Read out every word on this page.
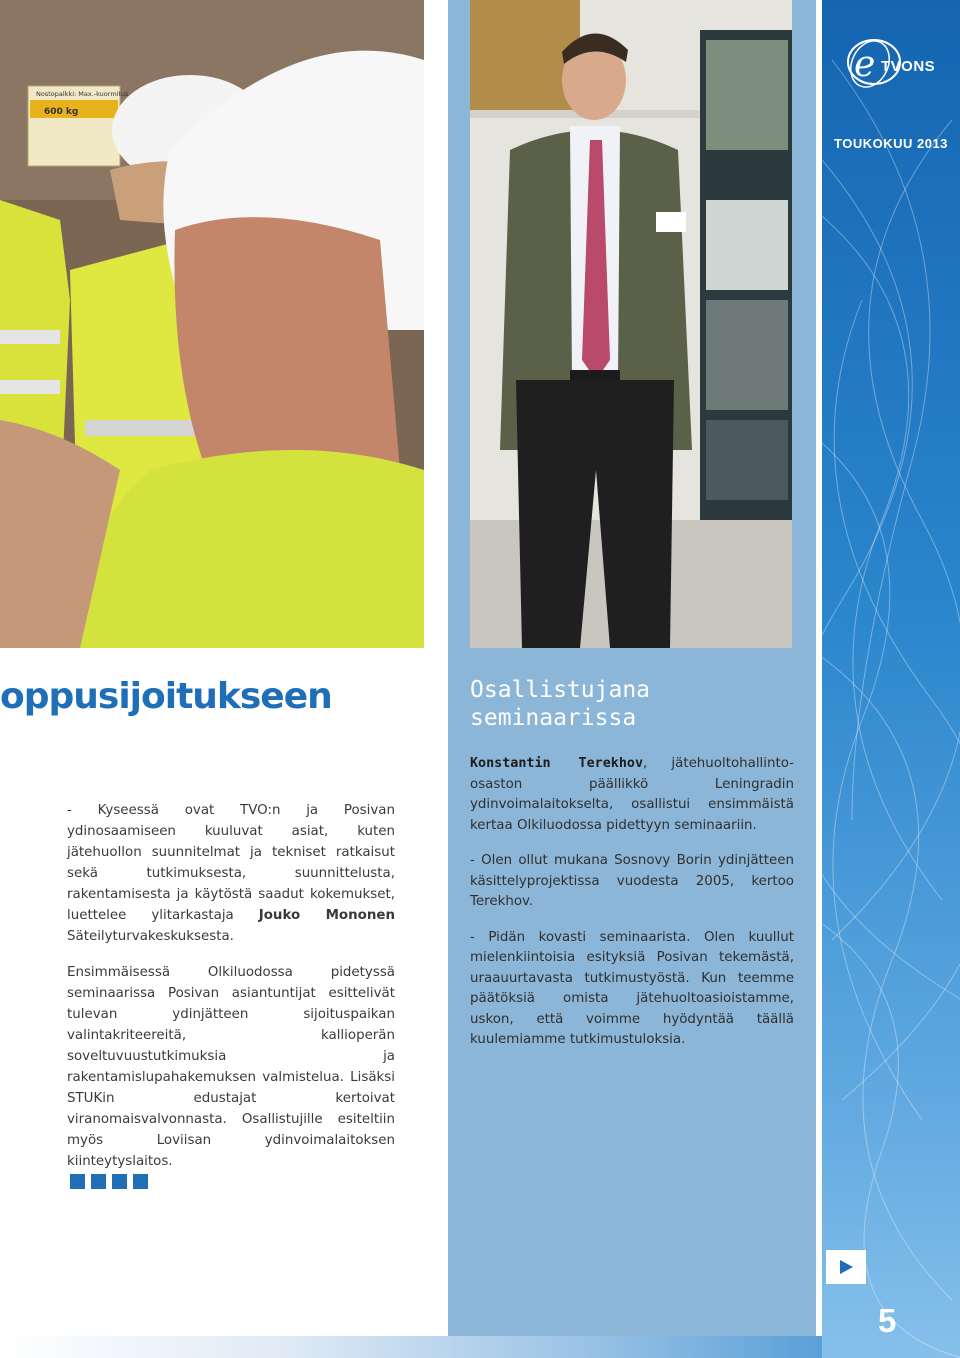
Nostopalkki: Max.-kuormitus.
600 kg
e TVONS
TOUKOKUU 2013
oppusijoitukseen

- Kyseessä ovat TVO:n ja Posivan ydinosaamiseen kuuluvat asiat, kuten jätehuollon suunnitelmat ja tekniset ratkaisut sekä tutkimuksesta, suunnittelusta, rakentamisesta ja käytöstä saadut kokemukset, luettelee ylitarkastaja Jouko Mononen Säteilyturvakeskuksesta.

Ensimmäisessä Olkiluodossa pidetyssä seminaarissa Posivan asiantuntijat esittelivät tulevan ydinjätteen sijoituspaikan valintakriteereitä, kallioperän soveltuvuustutkimuksia ja rakentamislupahakemuksen valmistelua. Lisäksi STUKin edustajat kertoivat viranomaisvalvonnasta. Osallistujille esiteltiin myös Loviisan ydinvoimalaitoksen kiinteytyslaitos.

Osallistujana
seminaarissa

Konstantin Terekhov, jätehuoltohallinto-osaston päällikkö Leningradin ydinvoimalaitokselta, osallistui ensimmäistä kertaa Olkiluodossa pidettyyn seminaariin.

- Olen ollut mukana Sosnovy Borin ydinjätteen käsittelyprojektissa vuodesta 2005, kertoo Terekhov.

- Pidän kovasti seminaarista. Olen kuullut mielenkiintoisia esityksiä Posivan tekemästä, uraauurtavasta tutkimustyöstä. Kun teemme päätöksiä omista jätehuoltoasioistamme, uskon, että voimme hyödyntää täällä kuulemiamme tutkimustuloksia.

5
